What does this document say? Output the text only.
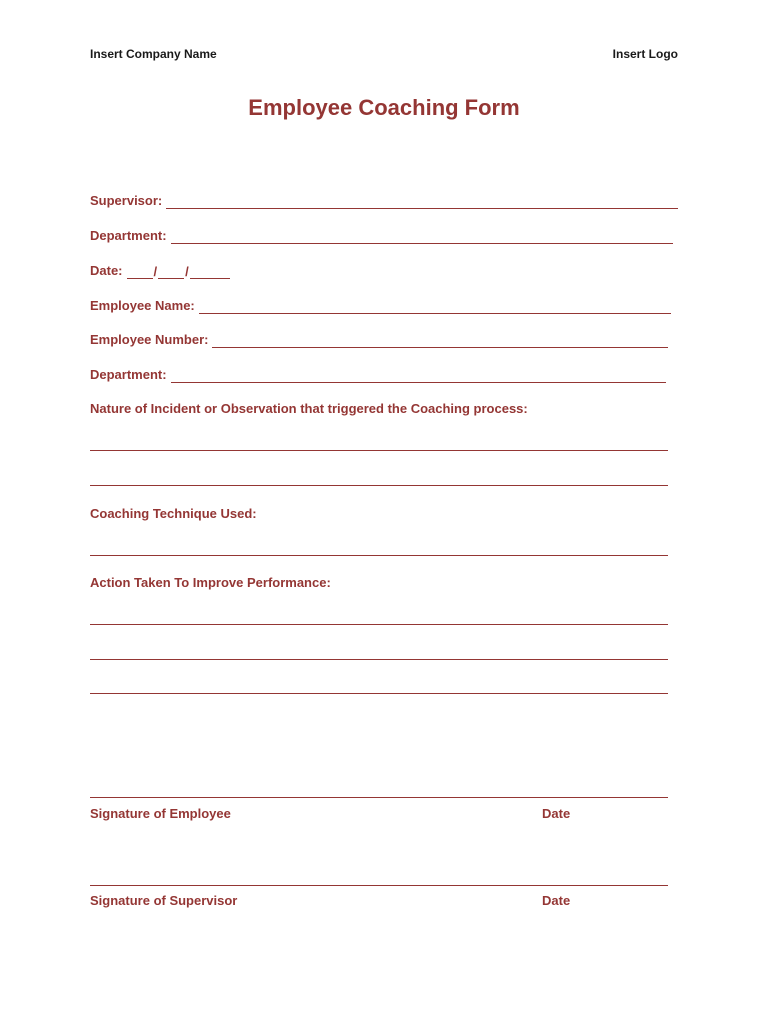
Insert Company Name	Insert Logo
Employee Coaching Form
Supervisor:
Department:
Date: / /
Employee Name:
Employee Number:
Department:
Nature of Incident or Observation that triggered the Coaching process:
Coaching Technique Used:
Action Taken To Improve Performance:
Signature of Employee	Date
Signature of Supervisor	Date
